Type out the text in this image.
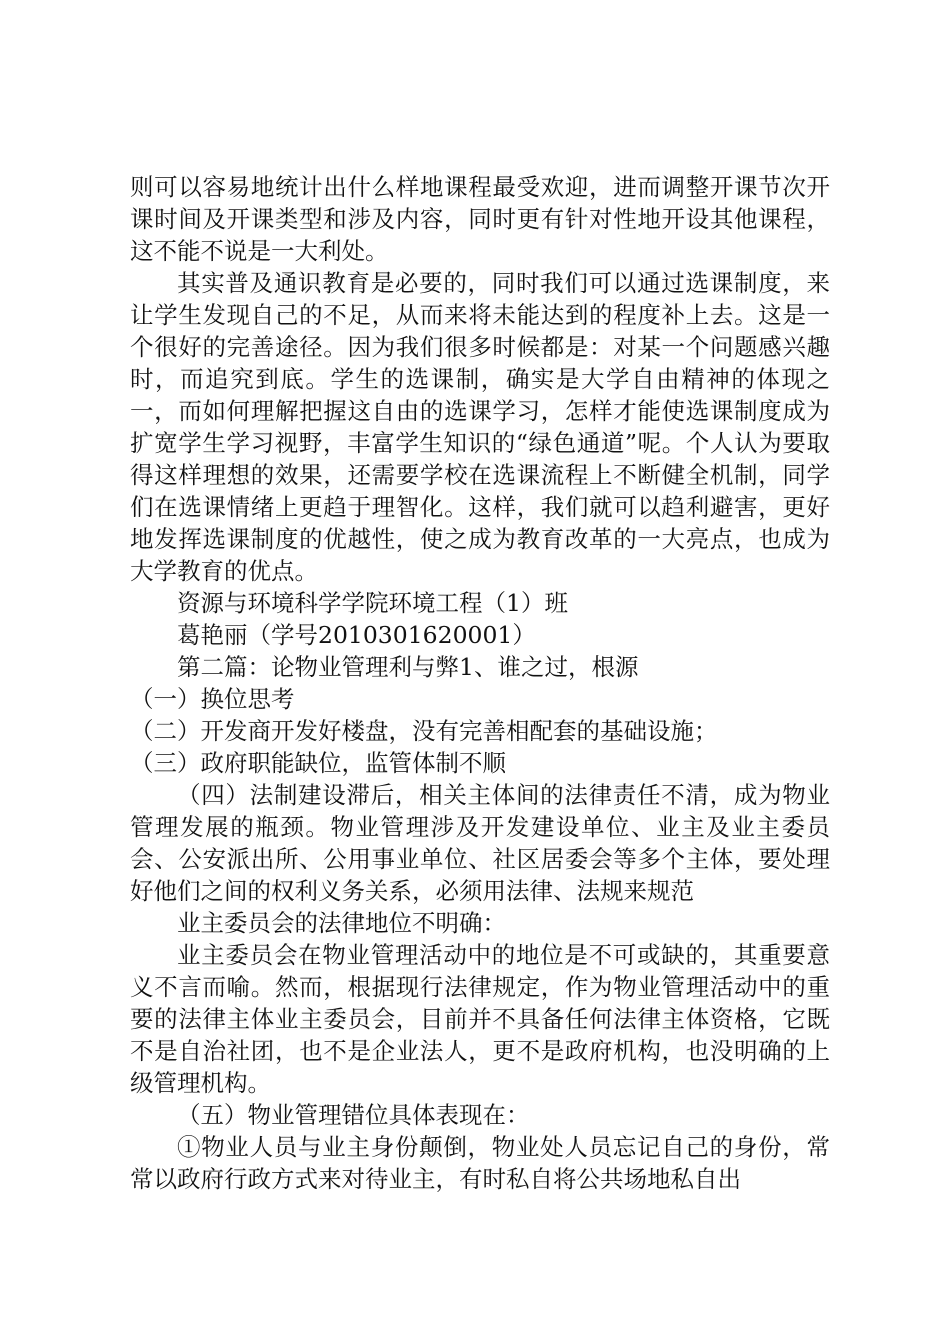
则可以容易地统计出什么样地课程最受欢迎，进而调整开课节次开课时间及开课类型和涉及内容，同时更有针对性地开设其他课程，这不能不说是一大利处。

其实普及通识教育是必要的，同时我们可以通过选课制度，来让学生发现自己的不足，从而来将未能达到的程度补上去。这是一个很好的完善途径。因为我们很多时候都是：对某一个问题感兴趣时，而追究到底。学生的选课制，确实是大学自由精神的体现之一，而如何理解把握这自由的选课学习，怎样才能使选课制度成为扩宽学生学习视野，丰富学生知识的“绿色通道”呢。个人认为要取得这样理想的效果，还需要学校在选课流程上不断健全机制，同学们在选课情绪上更趋于理智化。这样，我们就可以趋利避害，更好地发挥选课制度的优越性，使之成为教育改革的一大亮点，也成为大学教育的优点。

资源与环境科学学院环境工程（1）班

葛艳丽（学号2010301620001）

第二篇：论物业管理利与弊1、谁之过，根源

（一）换位思考

（二）开发商开发好楼盘，没有完善相配套的基础设施；

（三）政府职能缺位，监管体制不顺

（四）法制建设滞后，相关主体间的法律责任不清，成为物业管理发展的瓶颈。物业管理涉及开发建设单位、业主及业主委员会、公安派出所、公用事业单位、社区居委会等多个主体，要处理好他们之间的权利义务关系，必须用法律、法规来规范

业主委员会的法律地位不明确：

业主委员会在物业管理活动中的地位是不可或缺的，其重要意义不言而喻。然而，根据现行法律规定，作为物业管理活动中的重要的法律主体业主委员会，目前并不具备任何法律主体资格，它既不是自治社团，也不是企业法人，更不是政府机构，也没明确的上级管理机构。

（五）物业管理错位具体表现在：

①物业人员与业主身份颠倒，物业处人员忘记自己的身份，常常以政府行政方式来对待业主，有时私自将公共场地私自出
